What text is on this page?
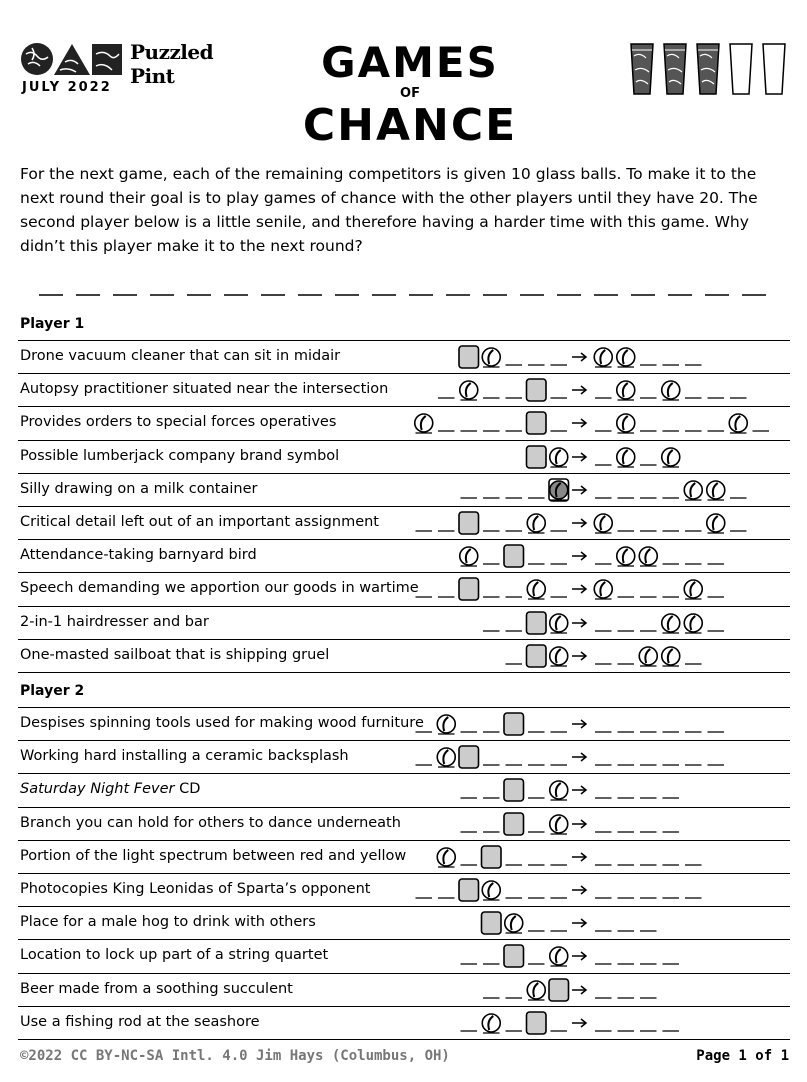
Puzzled
Pint
JULY 2022
GAMES
OF
CHANCE
For the next game, each of the remaining competitors is given 10 glass balls. To make it to the next round their goal is to play games of chance with the other players until they have 20. The second player below is a little senile, and therefore having a harder time with this game. Why didn’t this player make it to the next round?
Player 1
Drone vacuum cleaner that can sit in midair
Autopsy practitioner situated near the intersection
Provides orders to special forces operatives
Possible lumberjack company brand symbol
Silly drawing on a milk container
Critical detail left out of an important assignment
Attendance-taking barnyard bird
Speech demanding we apportion our goods in wartime
2-in-1 hairdresser and bar
One-masted sailboat that is shipping gruel
Player 2
Despises spinning tools used for making wood furniture
Working hard installing a ceramic backsplash
Saturday Night Fever CD
Branch you can hold for others to dance underneath
Portion of the light spectrum between red and yellow
Photocopies King Leonidas of Sparta’s opponent
Place for a male hog to drink with others
Location to lock up part of a string quartet
Beer made from a soothing succulent
Use a fishing rod at the seashore
©2022 CC BY-NC-SA Intl. 4.0 Jim Hays (Columbus, OH)	Page 1 of 1
